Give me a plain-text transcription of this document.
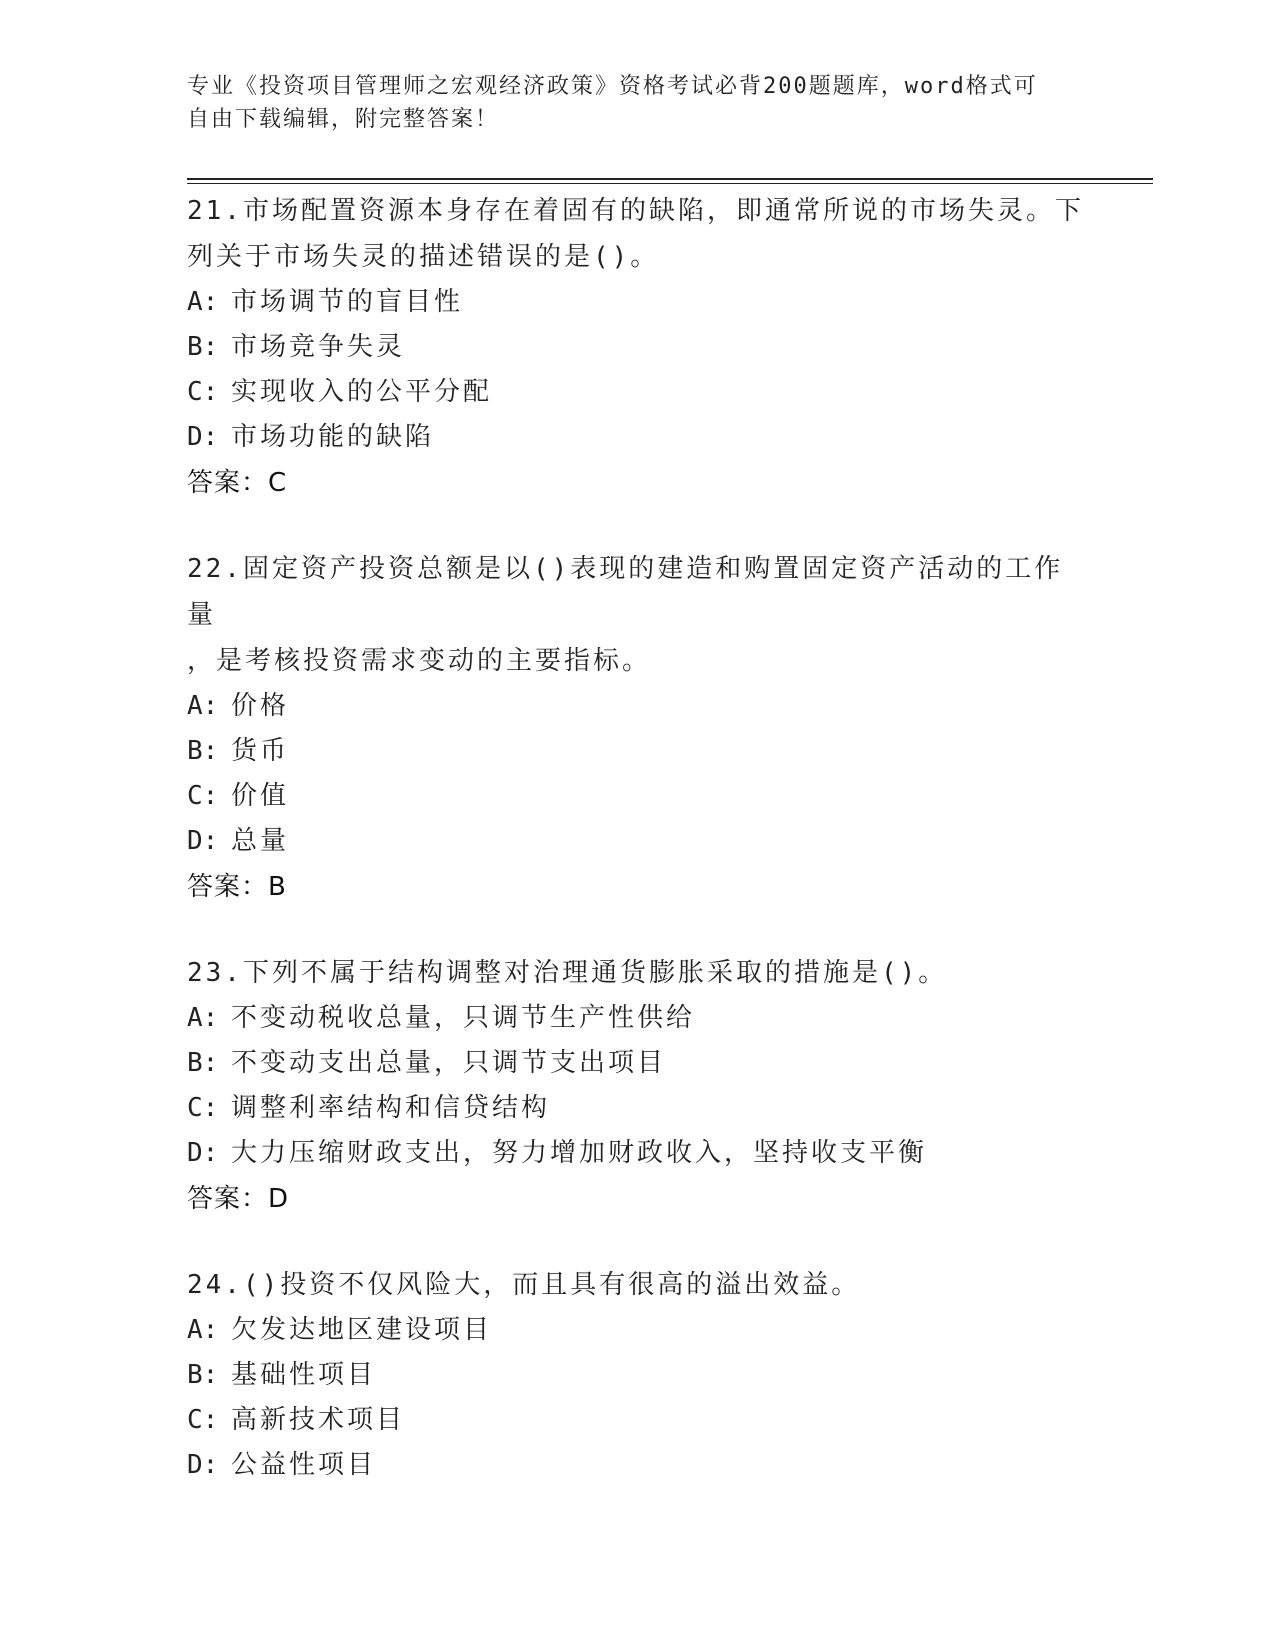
专业《投资项目管理师之宏观经济政策》资格考试必背200题题库，word格式可
自由下载编辑，附完整答案！
21.市场配置资源本身存在着固有的缺陷，即通常所说的市场失灵。下
列关于市场失灵的描述错误的是()。
A: 市场调节的盲目性
B: 市场竞争失灵
C: 实现收入的公平分配
D: 市场功能的缺陷
答案：C
22.固定资产投资总额是以()表现的建造和购置固定资产活动的工作量
，是考核投资需求变动的主要指标。
A: 价格
B: 货币
C: 价值
D: 总量
答案：B
23.下列不属于结构调整对治理通货膨胀采取的措施是()。
A: 不变动税收总量，只调节生产性供给
B: 不变动支出总量，只调节支出项目
C: 调整利率结构和信贷结构
D: 大力压缩财政支出，努力增加财政收入，坚持收支平衡
答案：D
24.()投资不仅风险大，而且具有很高的溢出效益。
A: 欠发达地区建设项目
B: 基础性项目
C: 高新技术项目
D: 公益性项目
